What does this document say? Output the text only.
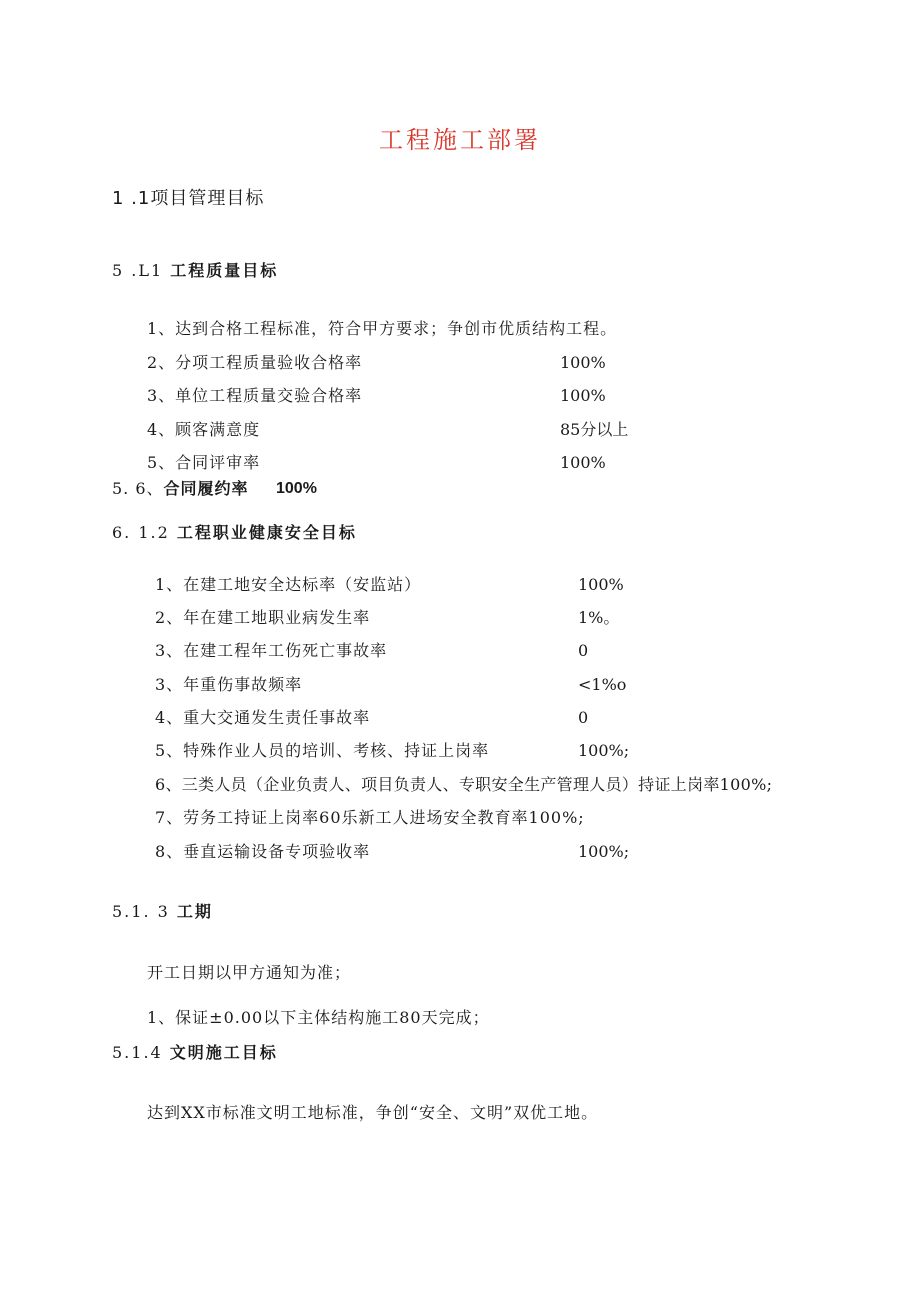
工程施工部署
1 .1项目管理目标
5 .L1 工程质量目标
1、达到合格工程标准，符合甲方要求；争创市优质结构工程。
2、分项工程质量验收合格率	100%
3、单位工程质量交验合格率	100%
4、顾客满意度	85分以上
5、合同评审率	100%
5. 6、合同履约率 100%
6. 1.2 工程职业健康安全目标
1、在建工地安全达标率（安监站）	100%
2、年在建工地职业病发生率	1%。
3、在建工程年工伤死亡事故率	0
3、年重伤事故频率	<1%o
4、重大交通发生责任事故率	0
5、特殊作业人员的培训、考核、持证上岗率	100%;
6、三类人员（企业负责人、项目负责人、专职安全生产管理人员）持证上岗率100%;
7、劳务工持证上岗率60乐新工人进场安全教育率100%;
8、垂直运输设备专项验收率	100%;
5.1. 3 工期
开工日期以甲方通知为准；
1、保证±0.00以下主体结构施工80天完成；
5.1.4 文明施工目标
达到XX市标准文明工地标准，争创“安全、文明”双优工地。
